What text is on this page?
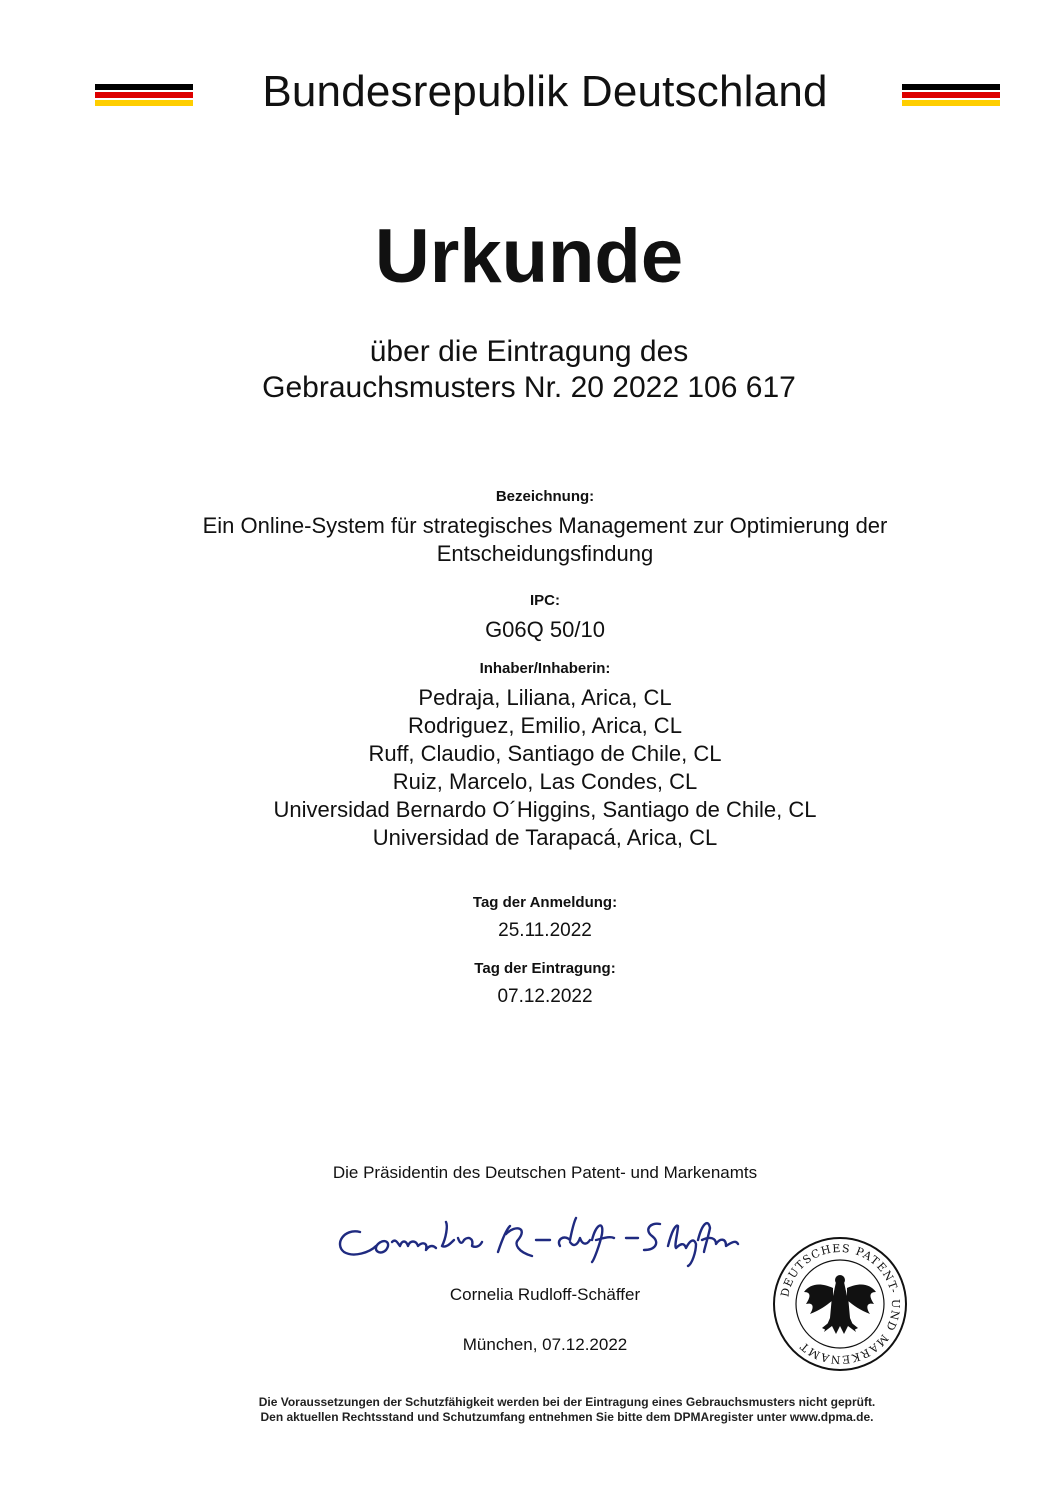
Bundesrepublik Deutschland
Urkunde
über die Eintragung des
Gebrauchsmusters Nr. 20 2022 106 617
Bezeichnung:
Ein Online-System für strategisches Management zur Optimierung der
Entscheidungsfindung
IPC:
G06Q 50/10
Inhaber/Inhaberin:
Pedraja, Liliana, Arica, CL
Rodriguez, Emilio, Arica, CL
Ruff, Claudio, Santiago de Chile, CL
Ruiz, Marcelo, Las Condes, CL
Universidad Bernardo O´Higgins, Santiago de Chile, CL
Universidad de Tarapacá, Arica, CL
Tag der Anmeldung:
25.11.2022
Tag der Eintragung:
07.12.2022
Die Präsidentin des Deutschen Patent- und Markenamts
Cornelia Rudloff-Schäffer
München, 07.12.2022
DEUTSCHES PATENT- UND MARKENAMT
Die Voraussetzungen der Schutzfähigkeit werden bei der Eintragung eines Gebrauchsmusters nicht geprüft.
Den aktuellen Rechtsstand und Schutzumfang entnehmen Sie bitte dem DPMAregister unter www.dpma.de.
